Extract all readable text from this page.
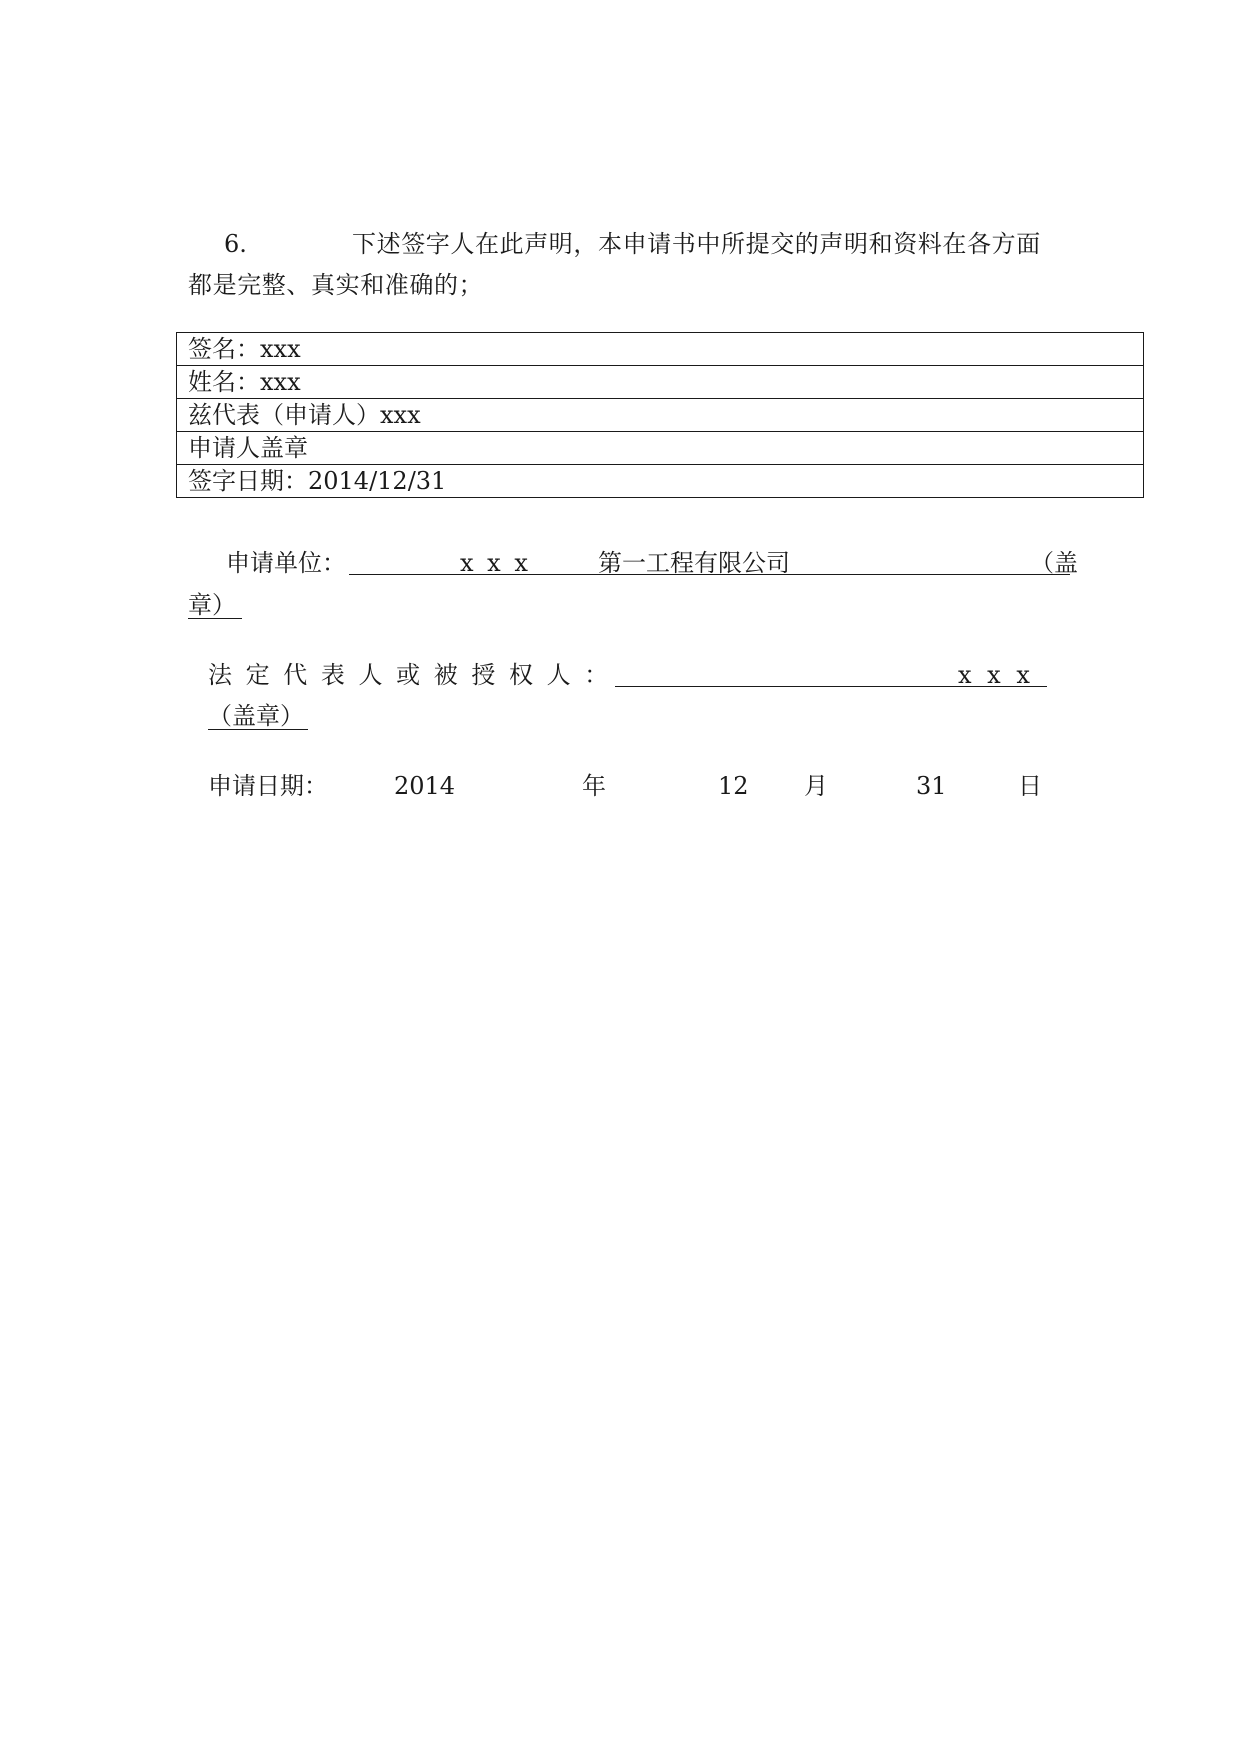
6.	下述签字人在此声明，本申请书中所提交的声明和资料在各方面
都是完整、真实和准确的；
签名：xxx
姓名：xxx
兹代表（申请人）xxx
申请人盖章
签字日期：2014/12/31
申请单位：	x x x	第一工程有限公司	（盖
章）
法 定 代 表 人 或 被 授 权 人 ：	x x x
（盖章）
申请日期：	2014	年	12 月	31	日
